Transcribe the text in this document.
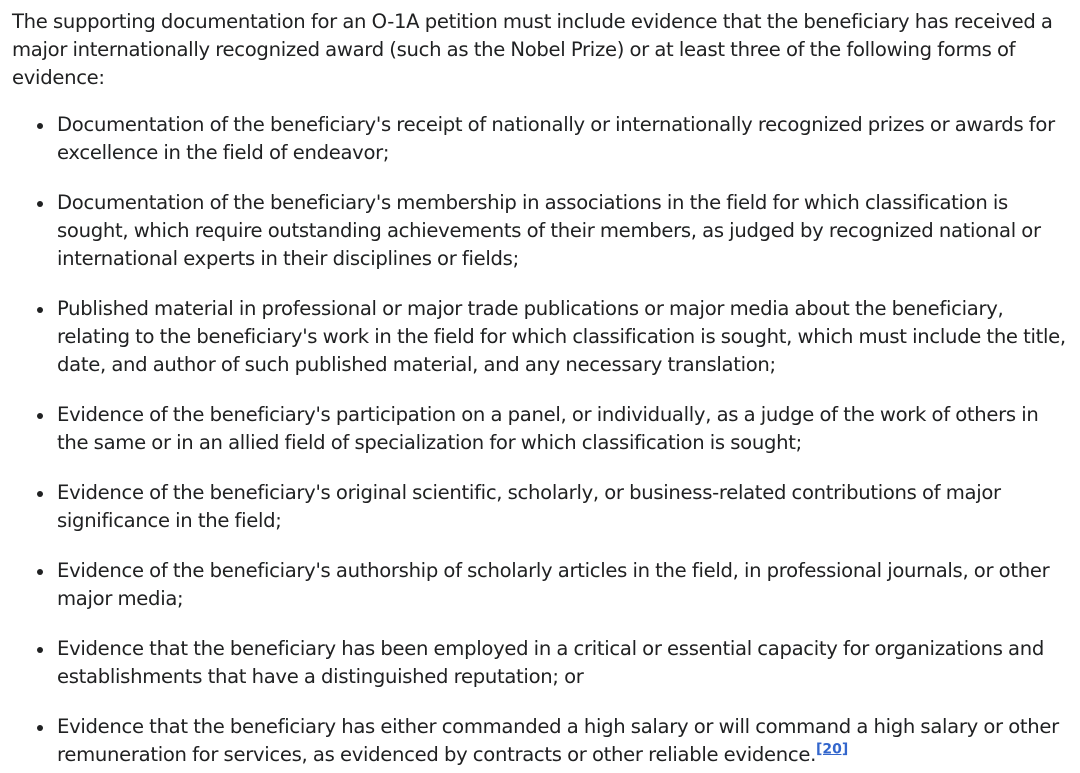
The supporting documentation for an O-1A petition must include evidence that the beneficiary has received a major internationally recognized award (such as the Nobel Prize) or at least three of the following forms of evidence:

Documentation of the beneficiary's receipt of nationally or internationally recognized prizes or awards for excellence in the field of endeavor;
Documentation of the beneficiary's membership in associations in the field for which classification is sought, which require outstanding achievements of their members, as judged by recognized national or international experts in their disciplines or fields;
Published material in professional or major trade publications or major media about the beneficiary, relating to the beneficiary's work in the field for which classification is sought, which must include the title, date, and author of such published material, and any necessary translation;
Evidence of the beneficiary's participation on a panel, or individually, as a judge of the work of others in the same or in an allied field of specialization for which classification is sought;
Evidence of the beneficiary's original scientific, scholarly, or business-related contributions of major significance in the field;
Evidence of the beneficiary's authorship of scholarly articles in the field, in professional journals, or other major media;
Evidence that the beneficiary has been employed in a critical or essential capacity for organizations and establishments that have a distinguished reputation; or
Evidence that the beneficiary has either commanded a high salary or will command a high salary or other remuneration for services, as evidenced by contracts or other reliable evidence.[20]
